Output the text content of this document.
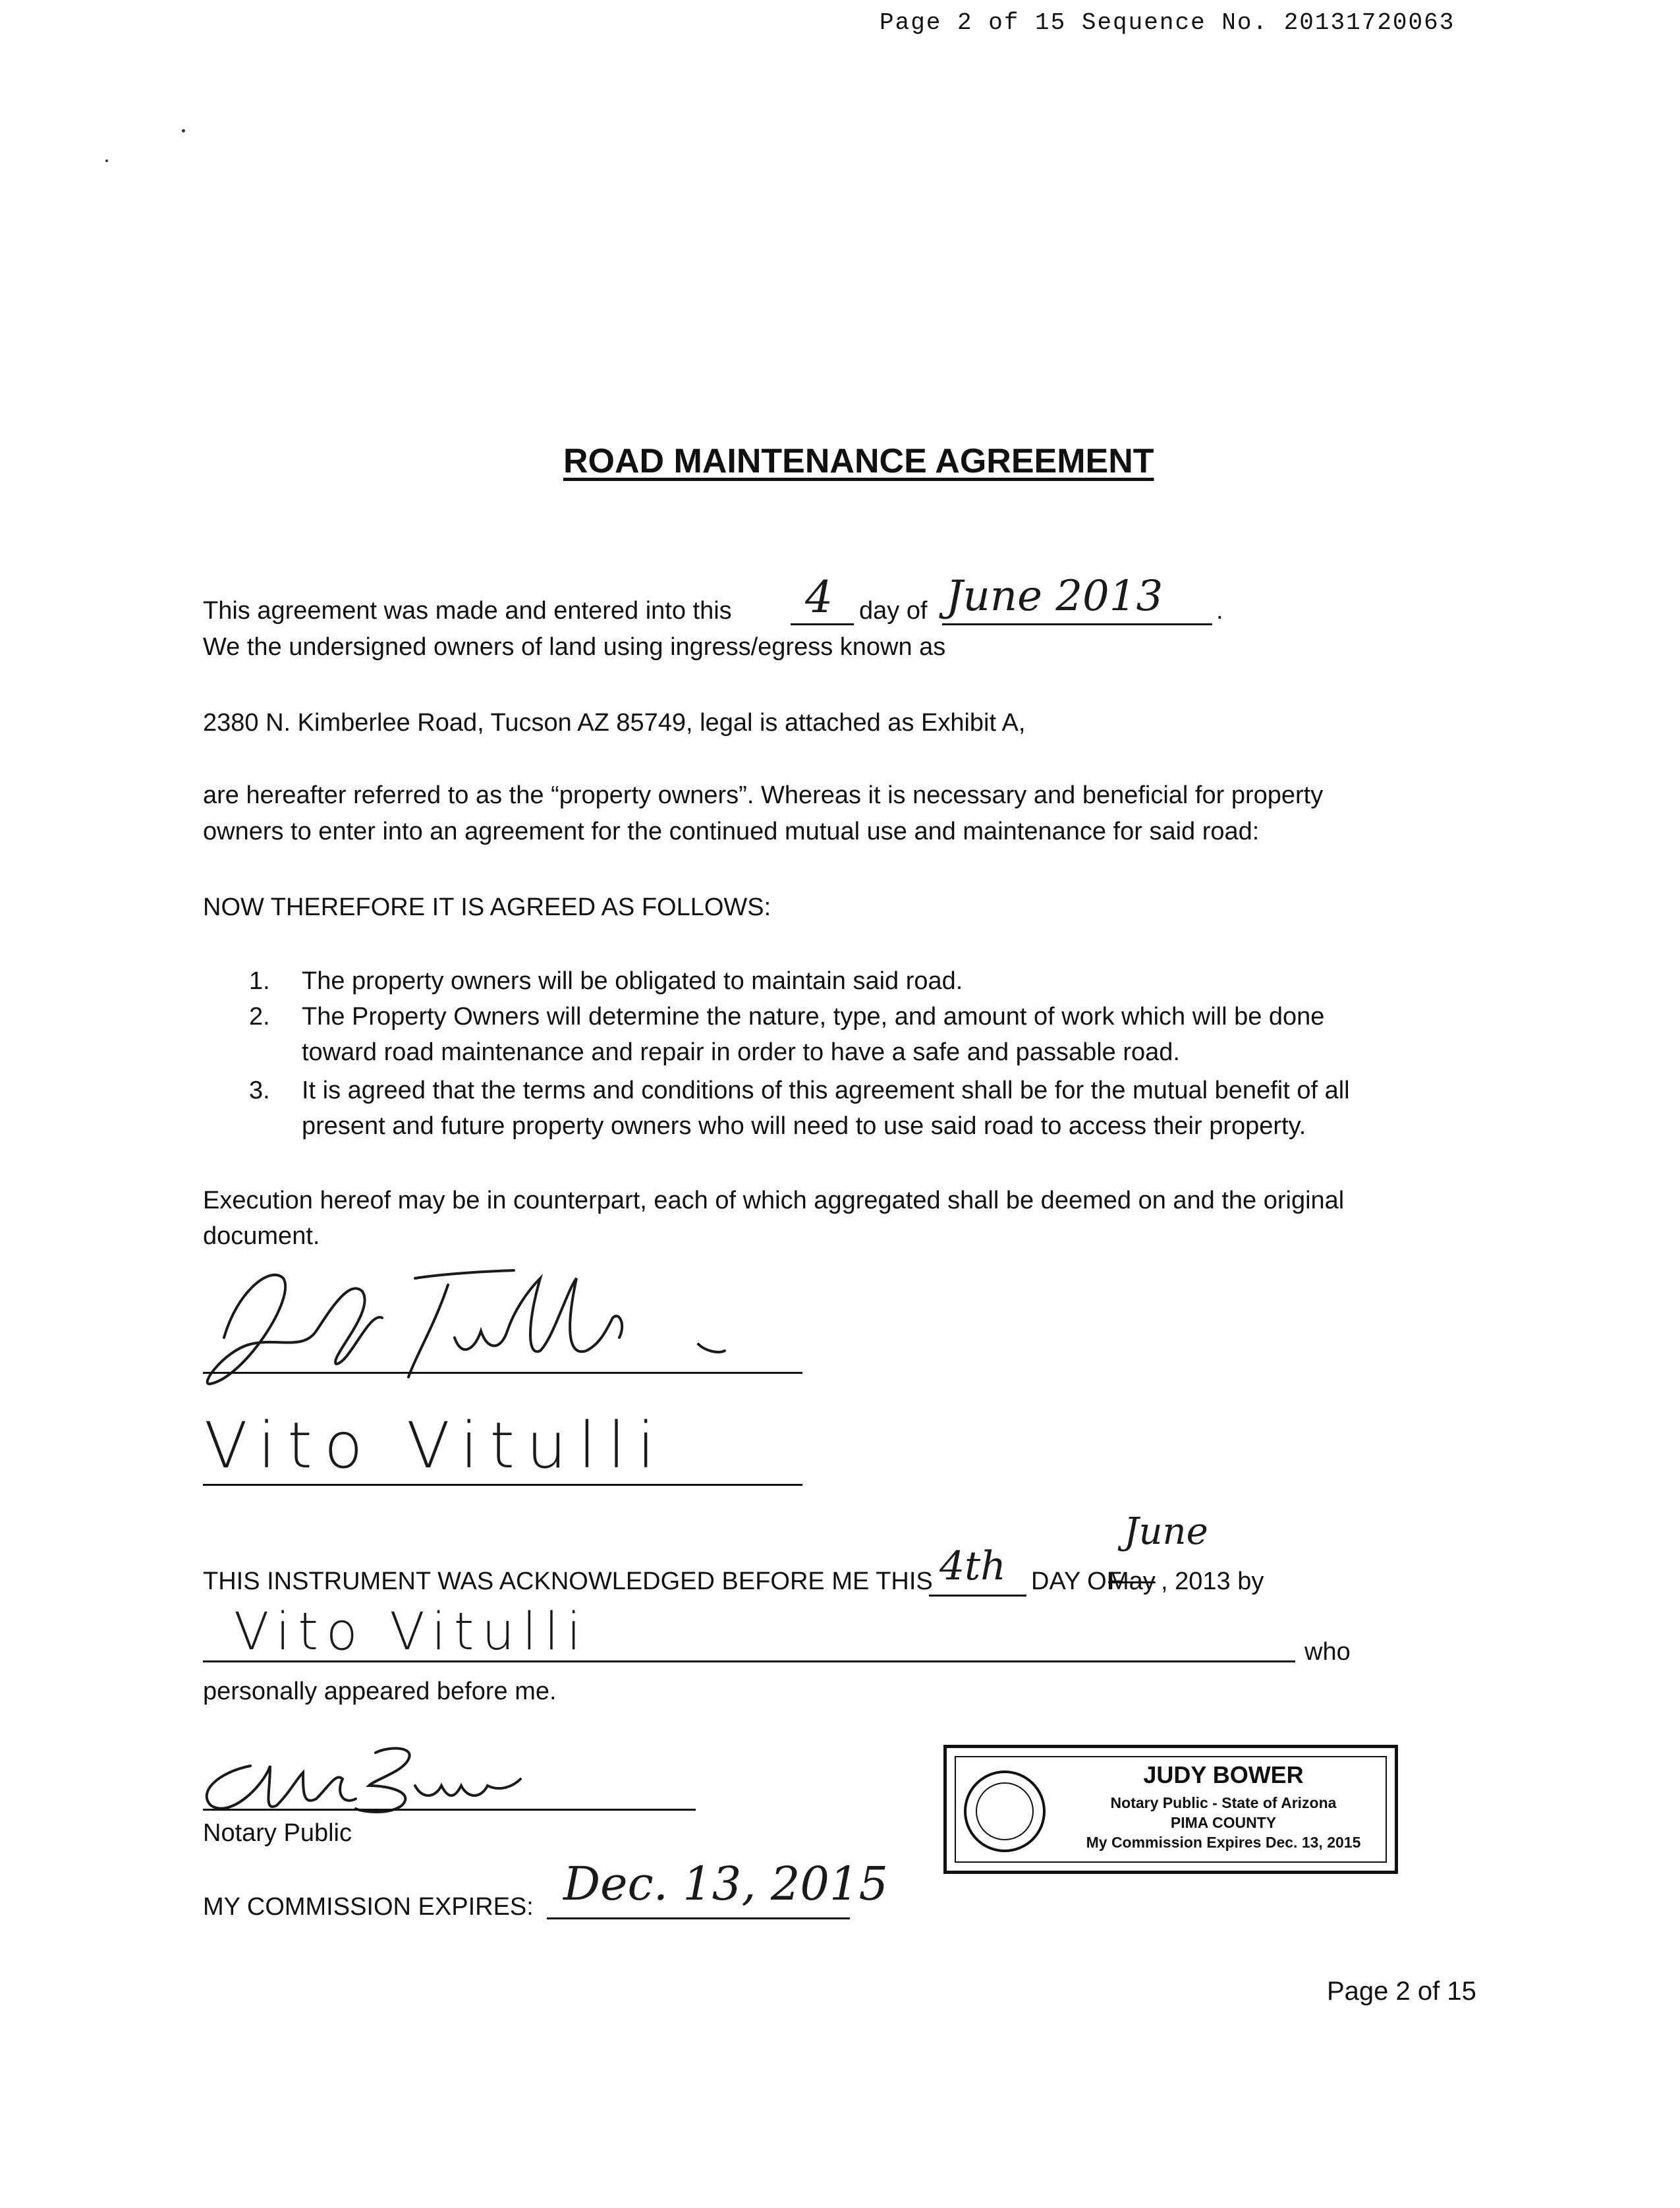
Page 2 of 15 Sequence No. 20131720063
ROAD MAINTENANCE AGREEMENT
This agreement was made and entered into this 4 day of June 2013 .
We the undersigned owners of land using ingress/egress known as
2380 N. Kimberlee Road, Tucson AZ 85749, legal is attached as Exhibit A,
are hereafter referred to as the “property owners”. Whereas it is necessary and beneficial for property
owners to enter into an agreement for the continued mutual use and maintenance for said road:
NOW THEREFORE IT IS AGREED AS FOLLOWS:
1. The property owners will be obligated to maintain said road.
2. The Property Owners will determine the nature, type, and amount of work which will be done
toward road maintenance and repair in order to have a safe and passable road.
3. It is agreed that the terms and conditions of this agreement shall be for the mutual benefit of all
present and future property owners who will need to use said road to access their property.
Execution hereof may be in counterpart, each of which aggregated shall be deemed on and the original
document.
Vito Vitulli
THIS INSTRUMENT WAS ACKNOWLEDGED BEFORE ME THIS 4th DAY OF
June
May , 2013 by
Vito Vitulli	who
personally appeared before me.
Notary Public
MY COMMISSION EXPIRES: Dec. 13, 2015
JUDY BOWER
Notary Public - State of Arizona
PIMA COUNTY
My Commission Expires Dec. 13, 2015
Page 2 of 15
